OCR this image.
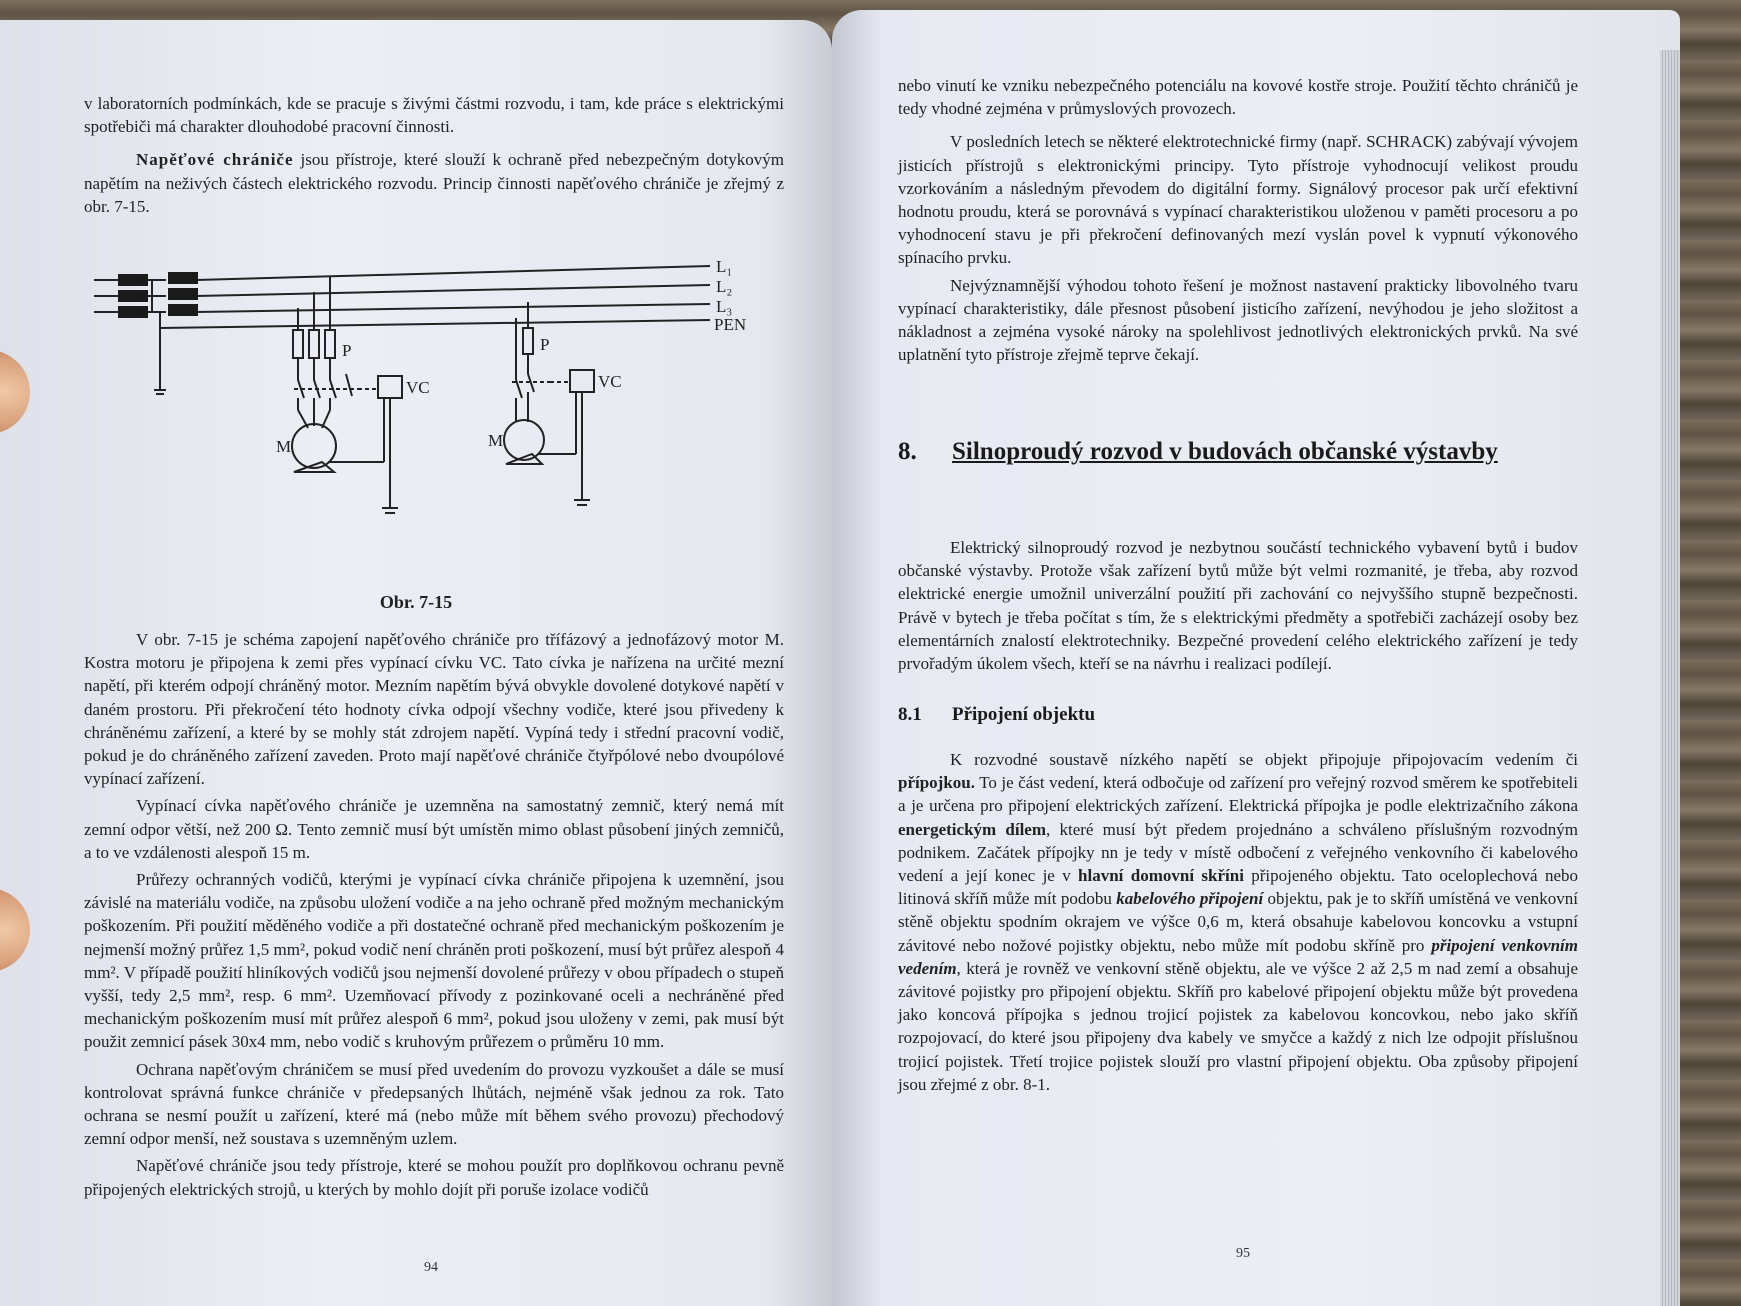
v laboratorních podmínkách, kde se pracuje s živými částmi rozvodu, i tam, kde práce s elektrickými spotřebiči má charakter dlouhodobé pracovní činnosti.

Napěťové chrániče jsou přístroje, které slouží k ochraně před nebezpečným dotykovým napětím na neživých částech elektrického rozvodu. Princip činnosti napěťového chrániče je zřejmý z obr. 7-15.

L₁
L₂
L₃
PEN
P	P
VC	VC
M	M
Obr. 7-15

V obr. 7-15 je schéma zapojení napěťového chrániče pro třífázový a jednofázový motor M. Kostra motoru je připojena k zemi přes vypínací cívku VC. Tato cívka je nařízena na určité mezní napětí, při kterém odpojí chráněný motor. Mezním napětím bývá obvykle dovolené dotykové napětí v daném prostoru. Při překročení této hodnoty cívka odpojí všechny vodiče, které jsou přivedeny k chráněnému zařízení, a které by se mohly stát zdrojem napětí. Vypíná tedy i střední pracovní vodič, pokud je do chráněného zařízení zaveden. Proto mají napěťové chrániče čtyřpólové nebo dvoupólové vypínací zařízení.

Vypínací cívka napěťového chrániče je uzemněna na samostatný zemnič, který nemá mít zemní odpor větší, než 200 Ω. Tento zemnič musí být umístěn mimo oblast působení jiných zemničů, a to ve vzdálenosti alespoň 15 m.

Průřezy ochranných vodičů, kterými je vypínací cívka chrániče připojena k uzemnění, jsou závislé na materiálu vodiče, na způsobu uložení vodiče a na jeho ochraně před možným mechanickým poškozením. Při použití měděného vodiče a při dostatečné ochraně před mechanickým poškozením je nejmenší možný průřez 1,5 mm², pokud vodič není chráněn proti poškození, musí být průřez alespoň 4 mm². V případě použití hliníkových vodičů jsou nejmenší dovolené průřezy v obou případech o stupeň vyšší, tedy 2,5 mm², resp. 6 mm². Uzemňovací přívody z pozinkované oceli a nechráněné před mechanickým poškozením musí mít průřez alespoň 6 mm², pokud jsou uloženy v zemi, pak musí být použit zemnicí pásek 30x4 mm, nebo vodič s kruhovým průřezem o průměru 10 mm.

Ochrana napěťovým chráničem se musí před uvedením do provozu vyzkoušet a dále se musí kontrolovat správná funkce chrániče v předepsaných lhůtách, nejméně však jednou za rok. Tato ochrana se nesmí použít u zařízení, které má (nebo může mít během svého provozu) přechodový zemní odpor menší, než soustava s uzemněným uzlem.

Napěťové chrániče jsou tedy přístroje, které se mohou použít pro doplňkovou ochranu pevně připojených elektrických strojů, u kterých by mohlo dojít při poruše izolace vodičů

94

nebo vinutí ke vzniku nebezpečného potenciálu na kovové kostře stroje. Použití těchto chráničů je tedy vhodné zejména v průmyslových provozech.

V posledních letech se některé elektrotechnické firmy (např. SCHRACK) zabývají vývojem jisticích přístrojů s elektronickými principy. Tyto přístroje vyhodnocují velikost proudu vzorkováním a následným převodem do digitální formy. Signálový procesor pak určí efektivní hodnotu proudu, která se porovnává s vypínací charakteristikou uloženou v paměti procesoru a po vyhodnocení stavu je při překročení definovaných mezí vyslán povel k vypnutí výkonového spínacího prvku.

Nejvýznamnější výhodou tohoto řešení je možnost nastavení prakticky libovolného tvaru vypínací charakteristiky, dále přesnost působení jisticího zařízení, nevýhodou je jeho složitost a nákladnost a zejména vysoké nároky na spolehlivost jednotlivých elektronických prvků. Na své uplatnění tyto přístroje zřejmě teprve čekají.

8. Silnoproudý rozvod v budovách občanské výstavby

Elektrický silnoproudý rozvod je nezbytnou součástí technického vybavení bytů i budov občanské výstavby. Protože však zařízení bytů může být velmi rozmanité, je třeba, aby rozvod elektrické energie umožnil univerzální použití při zachování co nejvyššího stupně bezpečnosti. Právě v bytech je třeba počítat s tím, že s elektrickými předměty a spotřebiči zacházejí osoby bez elementárních znalostí elektrotechniky. Bezpečné provedení celého elektrického zařízení je tedy prvořadým úkolem všech, kteří se na návrhu i realizaci podílejí.

8.1 Připojení objektu

K rozvodné soustavě nízkého napětí se objekt připojuje připojovacím vedením či přípojkou. To je část vedení, která odbočuje od zařízení pro veřejný rozvod směrem ke spotřebiteli a je určena pro připojení elektrických zařízení. Elektrická přípojka je podle elektrizačního zákona energetickým dílem, které musí být předem projednáno a schváleno příslušným rozvodným podnikem. Začátek přípojky nn je tedy v místě odbočení z veřejného venkovního či kabelového vedení a její konec je v hlavní domovní skříni připojeného objektu. Tato oceloplechová nebo litinová skříň může mít podobu kabelového připojení objektu, pak je to skříň umístěná ve venkovní stěně objektu spodním okrajem ve výšce 0,6 m, která obsahuje kabelovou koncovku a vstupní závitové nebo nožové pojistky objektu, nebo může mít podobu skříně pro připojení venkovním vedením, která je rovněž ve venkovní stěně objektu, ale ve výšce 2 až 2,5 m nad zemí a obsahuje závitové pojistky pro připojení objektu. Skříň pro kabelové připojení objektu může být provedena jako koncová přípojka s jednou trojicí pojistek za kabelovou koncovkou, nebo jako skříň rozpojovací, do které jsou připojeny dva kabely ve smyčce a každý z nich lze odpojit příslušnou trojicí pojistek. Třetí trojice pojistek slouží pro vlastní připojení objektu. Oba způsoby připojení jsou zřejmé z obr. 8-1.

95
